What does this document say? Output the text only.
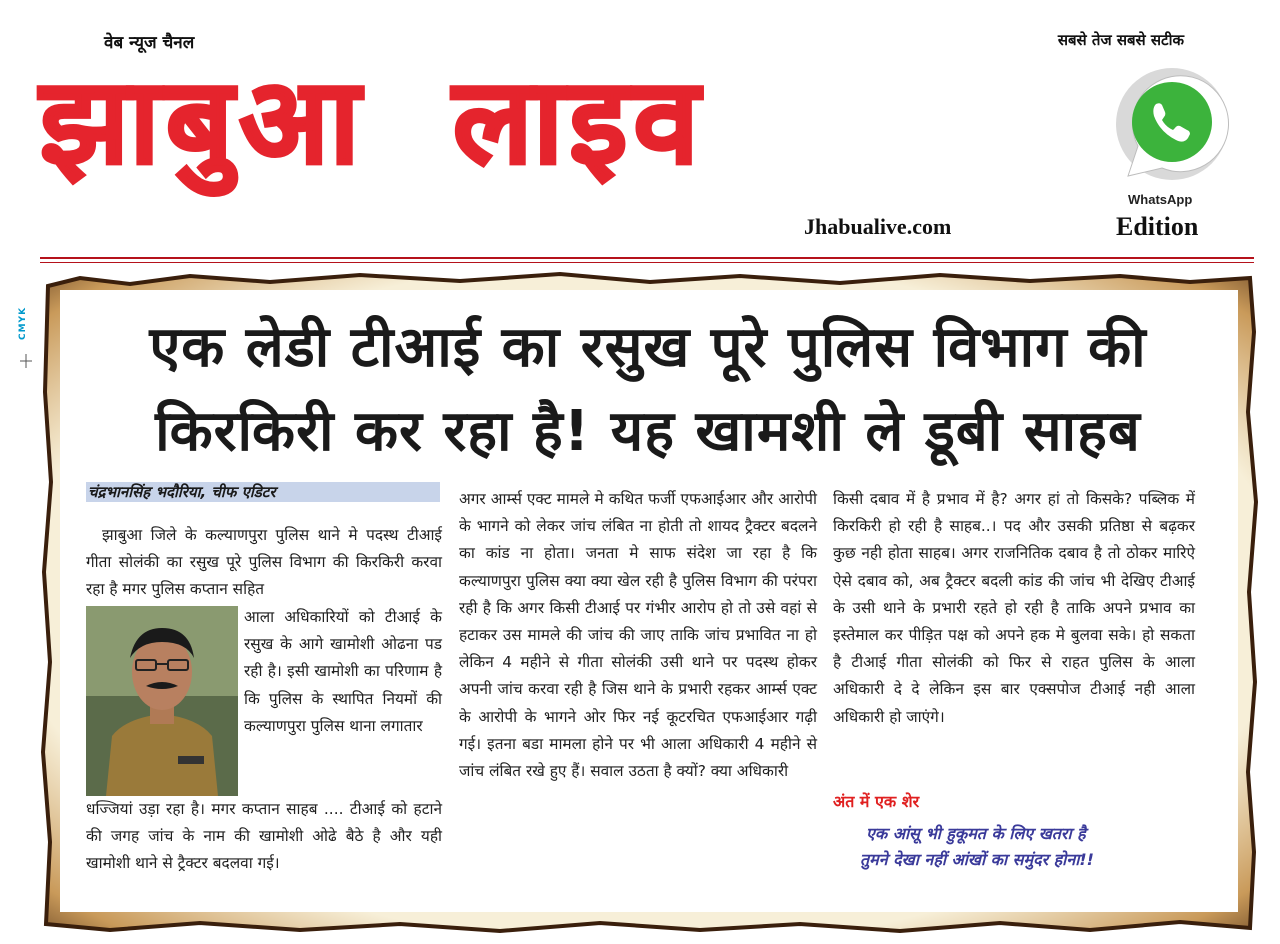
वेब न्यूज चैनल	सबसे तेज सबसे सटीक
झाबुआ लाइव
Jhabualive.com
WhatsApp
Edition
CMYK	एक लेडी टीआई का रसुख पूरे पुलिस विभाग की
किरकिरी कर रहा है! यह खामशी ले डूबी साहब
चंद्रभानसिंह भदौरिया, चीफ एडिटर
झाबुआ जिले के कल्याणपुरा पुलिस थाने मे पदस्थ टीआई गीता सोलंकी का रसुख पूरे पुलिस विभाग की किरकिरी करवा रहा है मगर पुलिस कप्तान सहित
आला अधिकारियों को टीआई के रसुख के आगे खामोशी ओढना पड रही है। इसी खामोशी का परिणाम है कि पुलिस के स्थापित नियमों की कल्याणपुरा पुलिस थाना लगातार
धज्जियां उड़ा रहा है। मगर कप्तान साहब .... टीआई को हटाने की जगह जांच के नाम की खामोशी ओढे बैठे है और यही खामोशी थाने से ट्रैक्टर बदलवा गई।
अगर आर्म्स एक्ट मामले मे कथित फर्जी एफआईआर और आरोपी के भागने को लेकर जांच लंबित ना होती तो शायद ट्रैक्टर बदलने का कांड ना होता। जनता मे साफ संदेश जा रहा है कि कल्याणपुरा पुलिस क्या क्या खेल रही है पुलिस विभाग की परंपरा रही है कि अगर किसी टीआई पर गंभीर आरोप हो तो उसे वहां से हटाकर उस मामले की जांच की जाए ताकि जांच प्रभावित ना हो लेकिन 4 महीने से गीता सोलंकी उसी थाने पर पदस्थ होकर अपनी जांच करवा रही है जिस थाने के प्रभारी रहकर आर्म्स एक्ट के आरोपी के भागने ओर फिर नई कूटरचित एफआईआर गढ़ी गई। इतना बडा मामला होने पर भी आला अधिकारी 4 महीने से जांच लंबित रखे हुए हैं। सवाल उठता है क्यों? क्या अधिकारी
किसी दबाव में है प्रभाव में है? अगर हां तो किसके? पब्लिक में किरकिरी हो रही है साहब..। पद और उसकी प्रतिष्ठा से बढ़कर कुछ नही होता साहब। अगर राजनितिक दबाव है तो ठोकर मारिऐ ऐसे दबाव को, अब ट्रैक्टर बदली कांड की जांच भी देखिए टीआई के उसी थाने के प्रभारी रहते हो रही है ताकि अपने प्रभाव का इस्तेमाल कर पीड़ित पक्ष को अपने हक मे बुलवा सके। हो सकता है टीआई गीता सोलंकी को फिर से राहत पुलिस के आला अधिकारी दे दे लेकिन इस बार एक्सपोज टीआई नही आला अधिकारी हो जाएंगे।
अंत में एक शेर
एक आंसू भी हुकूमत के लिए खतरा है
तुमने देखा नहीं आंखों का समुंदर होना!!
